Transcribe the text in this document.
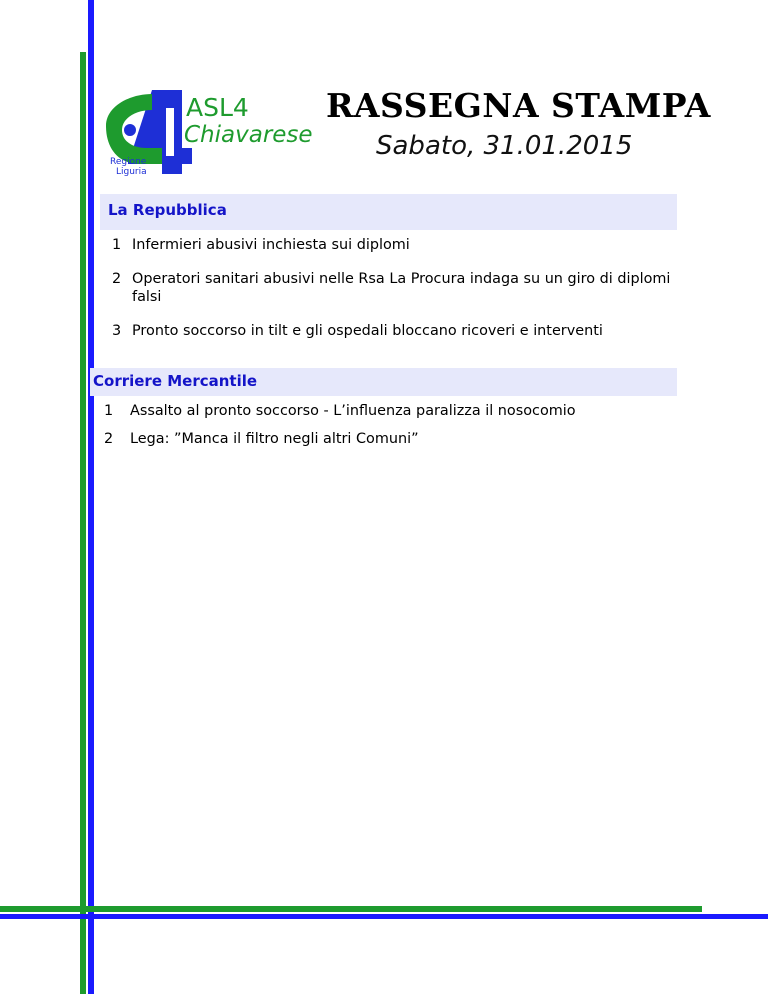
ASL4
Chiavarese
Regione
Liguria
RASSEGNA STAMPA
Sabato, 31.01.2015
La Repubblica
1 Infermieri abusivi inchiesta sui diplomi
2 Operatori sanitari abusivi nelle Rsa La Procura indaga su un giro di diplomi falsi
3 Pronto soccorso in tilt e gli ospedali bloccano ricoveri e interventi
Corriere Mercantile
1 Assalto al pronto soccorso - L’influenza paralizza il nosocomio
2 Lega: ”Manca il filtro negli altri Comuni”
